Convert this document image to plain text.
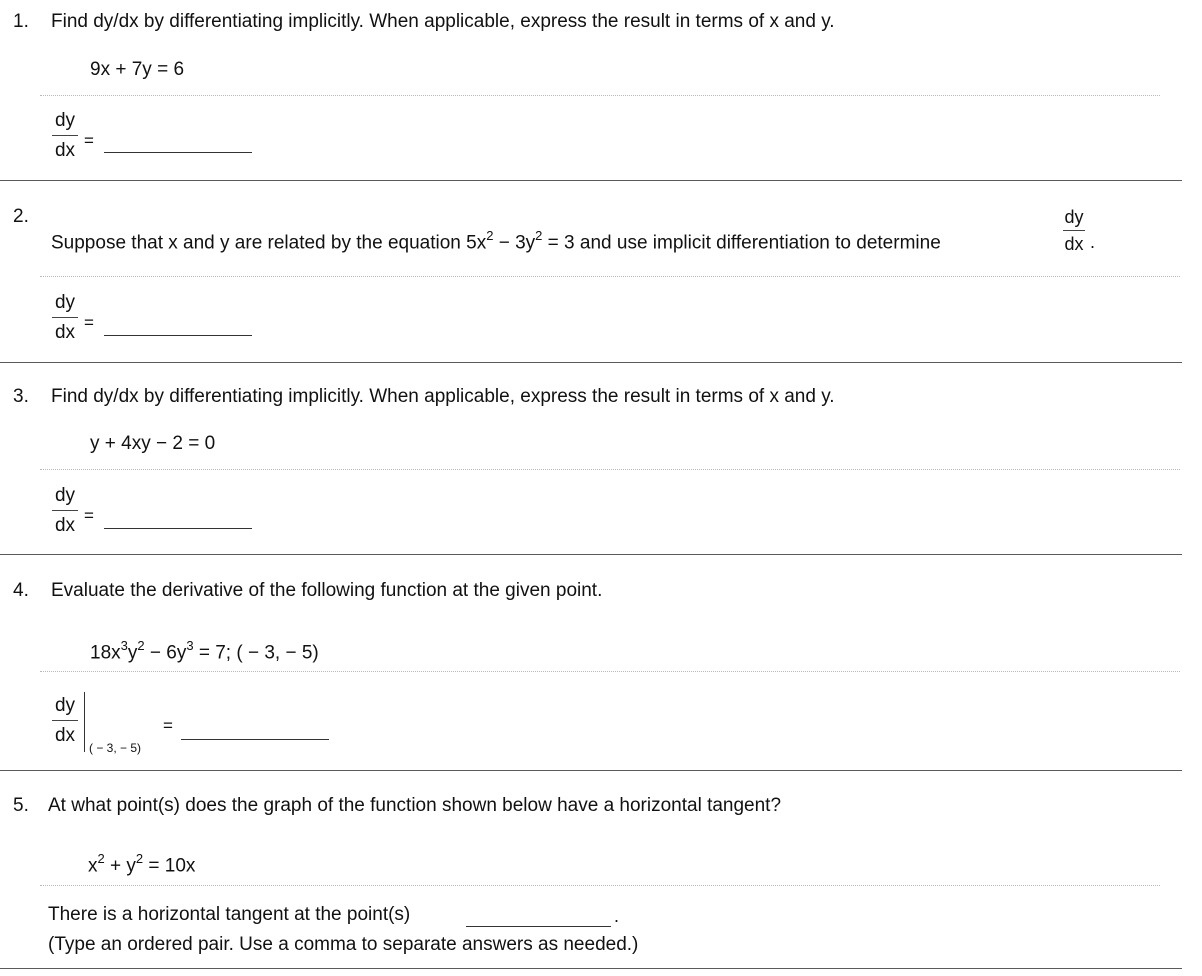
1. Find dy/dx by differentiating implicitly. When applicable, express the result in terms of x and y.
9x + 7y = 6
dy
dx =
2.
Suppose that x and y are related by the equation $5x^2 - 3y^2 = 3$ and use implicit differentiation to determine
dy
dx .
dy
dx =
3. Find dy/dx by differentiating implicitly. When applicable, express the result in terms of x and y.
y + 4xy − 2 = 0
dy
dx =
4. Evaluate the derivative of the following function at the given point.
$18x^3y^2 - 6y^3 = 7$; ( − 3, − 5)
dy
dx
( − 3, − 5)
=
5. At what point(s) does the graph of the function shown below have a horizontal tangent?
$x^2 + y^2 = 10x$
There is a horizontal tangent at the point(s)	.
(Type an ordered pair. Use a comma to separate answers as needed.)
